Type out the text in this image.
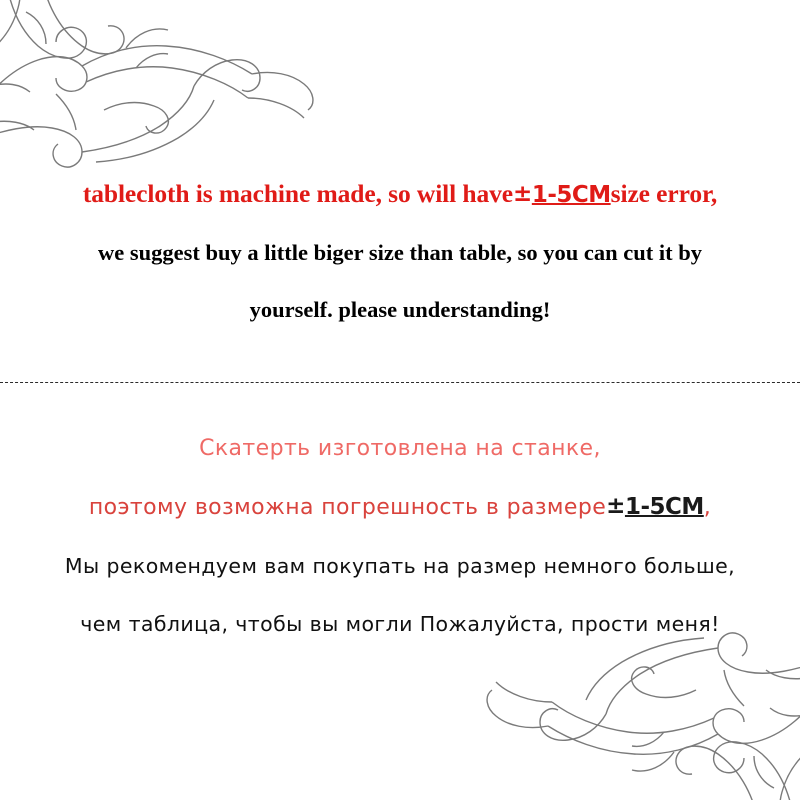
tablecloth is machine made, so will have±1-5CMsize error,
we suggest buy a little biger size than table, so you can cut it by
yourself. please understanding!
Скатерть изготовлена на станке,
поэтому возможна погрешность в размере±1-5CM,
Мы рекомендуем вам покупать на размер немного больше,
чем таблица, чтобы вы могли Пожалуйста, прости меня!
